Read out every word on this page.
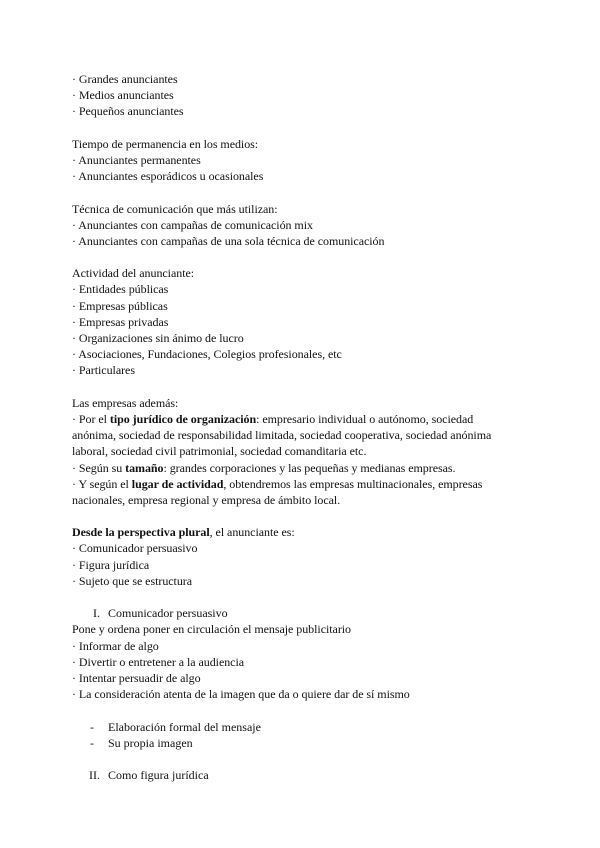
· Grandes anunciantes
· Medios anunciantes
· Pequeños anunciantes
Tiempo de permanencia en los medios:
· Anunciantes permanentes
· Anunciantes esporádicos u ocasionales
Técnica de comunicación que más utilizan:
· Anunciantes con campañas de comunicación mix
· Anunciantes con campañas de una sola técnica de comunicación
Actividad del anunciante:
· Entidades públicas
· Empresas públicas
· Empresas privadas
· Organizaciones sin ánimo de lucro
· Asociaciones, Fundaciones, Colegios profesionales, etc
· Particulares
Las empresas además:
· Por el tipo jurídico de organización: empresario individual o autónomo, sociedad
anónima, sociedad de responsabilidad limitada, sociedad cooperativa, sociedad anónima
laboral, sociedad civil patrimonial, sociedad comanditaria etc.
· Según su tamaño: grandes corporaciones y las pequeñas y medianas empresas.
· Y según el lugar de actividad, obtendremos las empresas multinacionales, empresas
nacionales, empresa regional y empresa de ámbito local.
Desde la perspectiva plural, el anunciante es:
· Comunicador persuasivo
· Figura jurídica
· Sujeto que se estructura
I. Comunicador persuasivo
Pone y ordena poner en circulación el mensaje publicitario
· Informar de algo
· Divertir o entretener a la audiencia
· Intentar persuadir de algo
· La consideración atenta de la imagen que da o quiere dar de sí mismo
- Elaboración formal del mensaje
- Su propia imagen
II. Como figura jurídica
